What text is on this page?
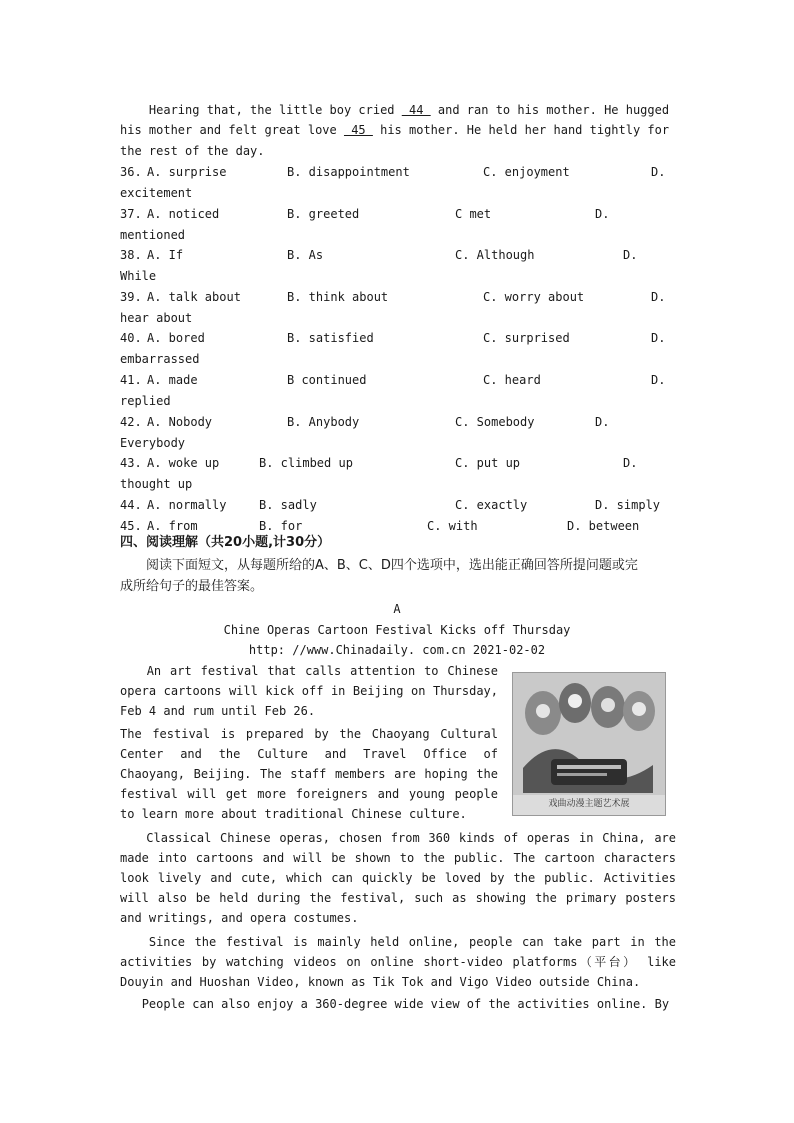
Hearing that, the little boy cried  44  and ran to his mother. He hugged
his mother and felt great love  45  his mother. He held her hand tightly for
the rest of the day.
36. A. surprise	B. disappointment	C. enjoyment	D.
excitement
37. A. noticed	B. greeted	C met	D.
mentioned
38. A. If	B. As	C. Although	D.
While
39. A. talk about	B. think about	C. worry about	D.
hear about
40. A. bored	B. satisfied	C. surprised	D.
embarrassed
41. A. made	B continued	C. heard	D.
replied
42. A. Nobody	B. Anybody	C. Somebody	D.
Everybody
43. A. woke up	B. climbed up	C. put up	D.
thought up
44. A. normally	B. sadly	C. exactly	D. simply
45. A. from	B. for	C. with	D. between
四、阅读理解（共20小题,计30分）
阅读下面短文，从每题所给的A、B、C、D四个选项中，选出能正确回答所提问题或完
成所给句子的最佳答案。
A
Chine Operas Cartoon Festival Kicks off Thursday
http: //www.Chinadaily. com.cn 2021-02-02
An art festival that calls attention to Chinese opera cartoons will kick off in Beijing on Thursday, Feb 4 and rum until Feb 26.
The festival is prepared by the Chaoyang Cultural Center and the Culture and Travel Office of Chaoyang, Beijing. The staff members are hoping the festival will get more foreigners and young people to learn more about traditional Chinese culture.
戏曲动漫主题艺术展
Classical Chinese operas, chosen from 360 kinds of operas in China, are made into cartoons and will be shown to the public. The cartoon characters look lively and cute, which can quickly be loved by the public. Activities will also be held during the festival, such as showing the primary posters and writings, and opera costumes.
Since the festival is mainly held online, people can take part in the activities by watching videos on online short-video platforms（平台） like Douyin and Huoshan Video, known as Tik Tok and Vigo Video outside China.
People can also enjoy a 360-degree wide view of the activities online. By
